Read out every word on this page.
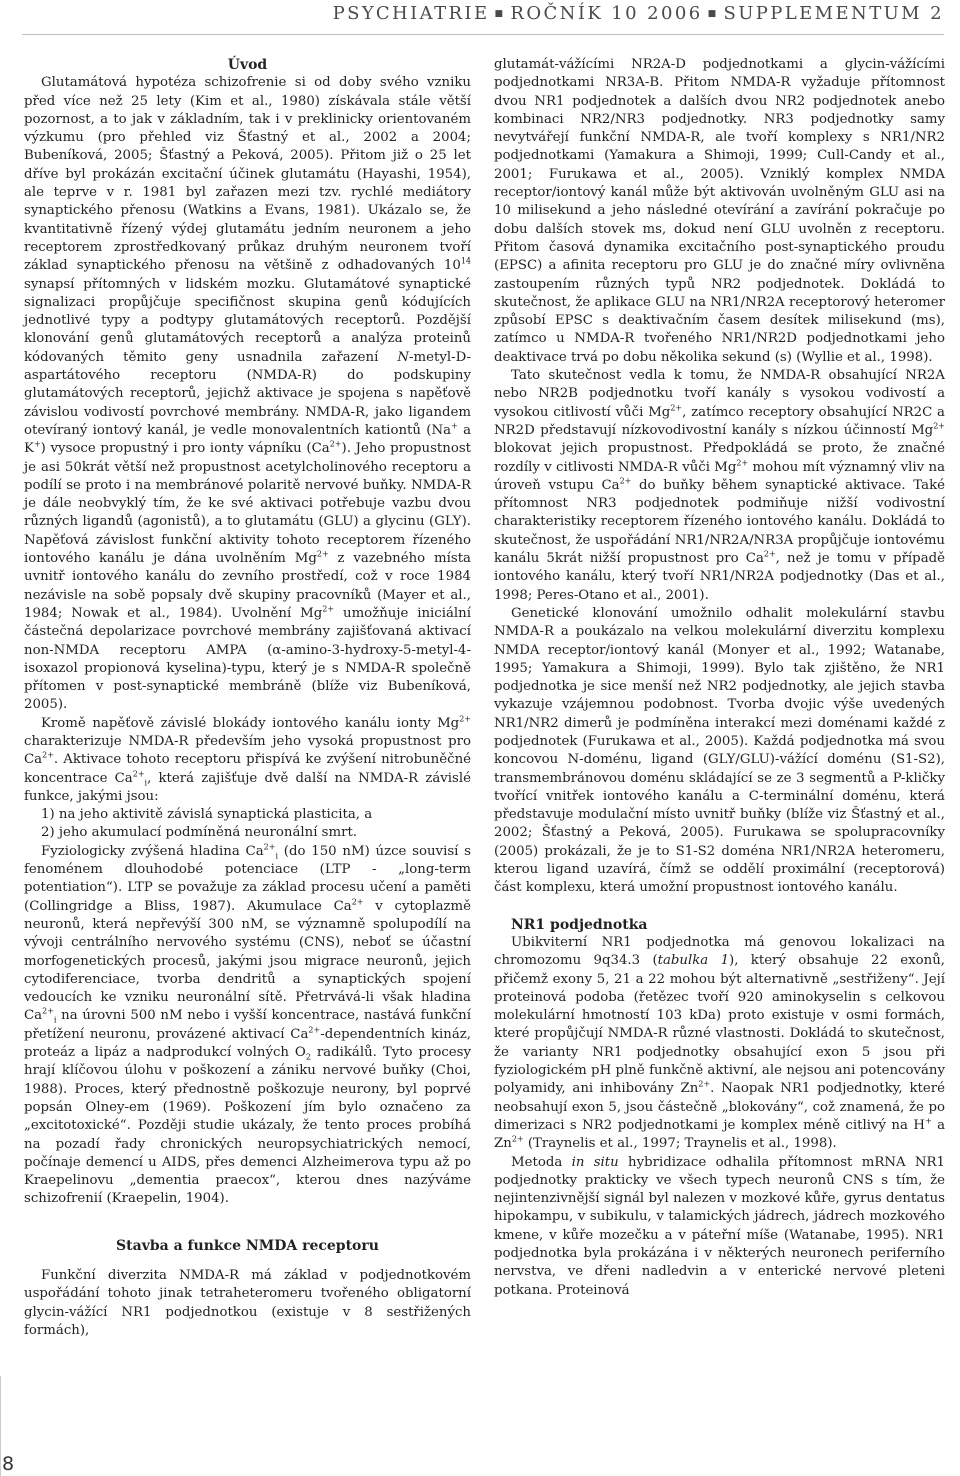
PSYCHIATRIE ■ ROČNÍK 10 2006 ■ SUPPLEMENTUM 2

Úvod

Glutamátová hypotéza schizofrenie si od doby svého vzniku před více než 25 lety (Kim et al., 1980) získávala stále větší pozornost, a to jak v základním, tak i v preklinicky orientovaném výzkumu (pro přehled viz Šťastný et al., 2002 a 2004; Bubeníková, 2005; Šťastný a Peková, 2005). Přitom již o 25 let dříve byl prokázán excitační účinek glutamátu (Hayashi, 1954), ale teprve v r. 1981 byl zařazen mezi tzv. rychlé mediátory synaptického přenosu (Watkins a Evans, 1981). Ukázalo se, že kvantitativně řízený výdej glutamátu jedním neuronem a jeho receptorem zprostředkovaný průkaz druhým neuronem tvoří základ synaptického přenosu na většině z odhadovaných $10^{14}$ synapsí přítomných v lidském mozku. Glutamátové synaptické signalizaci propůjčuje specifičnost skupina genů kódujících jednotlivé typy a podtypy glutamátových receptorů. Pozdější klonování genů glutamátových receptorů a analýza proteinů kódovaných těmito geny usnadnila zařazení N-metyl-D-aspartátového receptoru (NMDA-R) do podskupiny glutamátových receptorů, jejichž aktivace je spojena s napěťově závislou vodivostí povrchové membrány. NMDA-R, jako ligandem otevíraný iontový kanál, je vedle monovalentních kationtů (Na+ a K+) vysoce propustný i pro ionty vápníku $(Ca^{2+})$. Jeho propustnost je asi 50krát větší než propustnost acetylcholinového receptoru a podílí se proto i na membránové polaritě nervové buňky. NMDA-R je dále neobvyklý tím, že ke své aktivaci potřebuje vazbu dvou různých ligandů (agonistů), a to glutamátu (GLU) a glycinu (GLY). Napěťová závislost funkční aktivity tohoto receptorem řízeného iontového kanálu je dána uvolněním $Mg^{2+}$ z vazebného místa uvnitř iontového kanálu do zevního prostředí, což v roce 1984 nezávisle na sobě popsaly dvě skupiny pracovníků (Mayer et al., 1984; Nowak et al., 1984). Uvolnění $Mg^{2+}$ umožňuje iniciální částečná depolarizace povrchové membrány zajišťovaná aktivací non-NMDA receptoru AMPA (α-amino-3-hydroxy-5-metyl-4-isoxazol propionová kyselina)-typu, který je s NMDA-R společně přítomen v post-synaptické membráně (blíže viz Bubeníková, 2005).

Kromě napěťově závislé blokády iontového kanálu ionty $Mg^{2+}$ charakterizuje NMDA-R především jeho vysoká propustnost pro $Ca^{2+}$. Aktivace tohoto receptoru přispívá ke zvýšení nitrobuněčné koncentrace $Ca^{2+}_i$, která zajišťuje dvě další na NMDA-R závislé funkce, jakými jsou:

1) na jeho aktivitě závislá synaptická plasticita, a

2) jeho akumulací podmíněná neuronální smrt.

Fyziologicky zvýšená hladina $Ca^{2+}_i$ (do 150 nM) úzce souvisí s fenoménem dlouhodobé potenciace (LTP - „long-term potentiation“). LTP se považuje za základ procesu učení a paměti (Collingridge a Bliss, 1987). Akumulace $Ca^{2+}$ v cytoplazmě neuronů, která nepřevýší 300 nM, se významně spolupodílí na vývoji centrálního nervového systému (CNS), neboť se účastní morfogenetických procesů, jakými jsou migrace neuronů, jejich cytodiferenciace, tvorba dendritů a synaptických spojení vedoucích ke vzniku neuronální sítě. Přetrvává-li však hladina $Ca^{2+}_i$ na úrovni 500 nM nebo i vyšší koncentrace, nastává funkční přetížení neuronu, provázené aktivací $Ca^{2+}$-dependentních kináz, proteáz a lipáz a nadprodukcí volných $O_2$ radikálů. Tyto procesy hrají klíčovou úlohu v poškození a zániku nervové buňky (Choi, 1988). Proces, který přednostně poškozuje neurony, byl poprvé popsán Olney-em (1969). Poškození jím bylo označeno za „excitotoxické“. Později studie ukázaly, že tento proces probíhá na pozadí řady chronických neuropsychiatrických nemocí, počínaje demencí u AIDS, přes demenci Alzheimerova typu až po Kraepelinovu „dementia praecox“, kterou dnes nazýváme schizofrenií (Kraepelin, 1904).

Stavba a funkce NMDA receptoru

Funkční diverzita NMDA-R má základ v podjednotkovém uspořádání tohoto jinak tetraheteromeru tvořeného obligatorní glycin-vážící NR1 podjednotkou (existuje v 8 sestřižených formách),

glutamát-vážícími NR2A-D podjednotkami a glycin-vážícími podjednotkami NR3A-B. Přitom NMDA-R vyžaduje přítomnost dvou NR1 podjednotek a dalších dvou NR2 podjednotek anebo kombinaci NR2/NR3 podjednotky. NR3 podjednotky samy nevytvářejí funkční NMDA-R, ale tvoří komplexy s NR1/NR2 podjednotkami (Yamakura a Shimoji, 1999; Cull-Candy et al., 2001; Furukawa et al., 2005). Vzniklý komplex NMDA receptor/iontový kanál může být aktivován uvolněným GLU asi na 10 milisekund a jeho následné otevírání a zavírání pokračuje po dobu dalších stovek ms, dokud není GLU uvolněn z receptoru. Přitom časová dynamika excitačního post-synaptického proudu (EPSC) a afinita receptoru pro GLU je do značné míry ovlivněna zastoupením různých typů NR2 podjednotek. Dokládá to skutečnost, že aplikace GLU na NR1/NR2A receptorový heteromer způsobí EPSC s deaktivačním časem desítek milisekund (ms), zatímco u NMDA-R tvořeného NR1/NR2D podjednotkami jeho deaktivace trvá po dobu několika sekund (s) (Wyllie et al., 1998).

Tato skutečnost vedla k tomu, že NMDA-R obsahující NR2A nebo NR2B podjednotku tvoří kanály s vysokou vodivostí a vysokou citlivostí vůči $Mg^{2+}$, zatímco receptory obsahující NR2C a NR2D představují nízkovodivostní kanály s nízkou účinností $Mg^{2+}$ blokovat jejich propustnost. Předpokládá se proto, že značné rozdíly v citlivosti NMDA-R vůči $Mg^{2+}$ mohou mít významný vliv na úroveň vstupu $Ca^{2+}$ do buňky během synaptické aktivace. Také přítomnost NR3 podjednotek podmiňuje nižší vodivostní charakteristiky receptorem řízeného iontového kanálu. Dokládá to skutečnost, že uspořádání NR1/NR2A/NR3A propůjčuje iontovému kanálu 5krát nižší propustnost pro $Ca^{2+}$, než je tomu v případě iontového kanálu, který tvoří NR1/NR2A podjednotky (Das et al., 1998; Peres-Otano et al., 2001).

Genetické klonování umožnilo odhalit molekulární stavbu NMDA-R a poukázalo na velkou molekulární diverzitu komplexu NMDA receptor/iontový kanál (Monyer et al., 1992; Watanabe, 1995; Yamakura a Shimoji, 1999). Bylo tak zjištěno, že NR1 podjednotka je sice menší než NR2 podjednotky, ale jejich stavba vykazuje vzájemnou podobnost. Tvorba dvojic výše uvedených NR1/NR2 dimerů je podmíněna interakcí mezi doménami každé z podjednotek (Furukawa et al., 2005). Každá podjednotka má svou koncovou N-doménu, ligand (GLY/GLU)-vážící doménu (S1-S2), transmembránovou doménu skládající se ze 3 segmentů a P-kličky tvořící vnitřek iontového kanálu a C-terminální doménu, která představuje modulační místo uvnitř buňky (blíže viz Šťastný et al., 2002; Šťastný a Peková, 2005). Furukawa se spolupracovníky (2005) prokázali, že je to S1-S2 doména NR1/NR2A heteromeru, kterou ligand uzavírá, čímž se oddělí proximální (receptorová) část komplexu, která umožní propustnost iontového kanálu.

NR1 podjednotka

Ubikviterní NR1 podjednotka má genovou lokalizaci na chromozomu 9q34.3 (tabulka 1), který obsahuje 22 exonů, přičemž exony 5, 21 a 22 mohou být alternativně „sestřiženy“. Její proteinová podoba (řetězec tvoří 920 aminokyselin s celkovou molekulární hmotností 103 kDa) proto existuje v osmi formách, které propůjčují NMDA-R různé vlastnosti. Dokládá to skutečnost, že varianty NR1 podjednotky obsahující exon 5 jsou při fyziologickém pH plně funkčně aktivní, ale nejsou ani potencovány polyamidy, ani inhibovány $Zn^{2+}$. Naopak NR1 podjednotky, které neobsahují exon 5, jsou částečně „blokovány“, což znamená, že po dimerizaci s NR2 podjednotkami je komplex méně citlivý na H+ a $Zn^{2+}$ (Traynelis et al., 1997; Traynelis et al., 1998).

Metoda in situ hybridizace odhalila přítomnost mRNA NR1 podjednotky prakticky ve všech typech neuronů CNS s tím, že nejintenzivnější signál byl nalezen v mozkové kůře, gyrus dentatus hipokampu, v subikulu, v talamických jádrech, jádrech mozkového kmene, v kůře mozečku a v páteřní míše (Watanabe, 1995). NR1 podjednotka byla prokázána i v některých neuronech periferního nervstva, ve dřeni nadledvin a v enterické nervové pleteni potkana. Proteinová

8
